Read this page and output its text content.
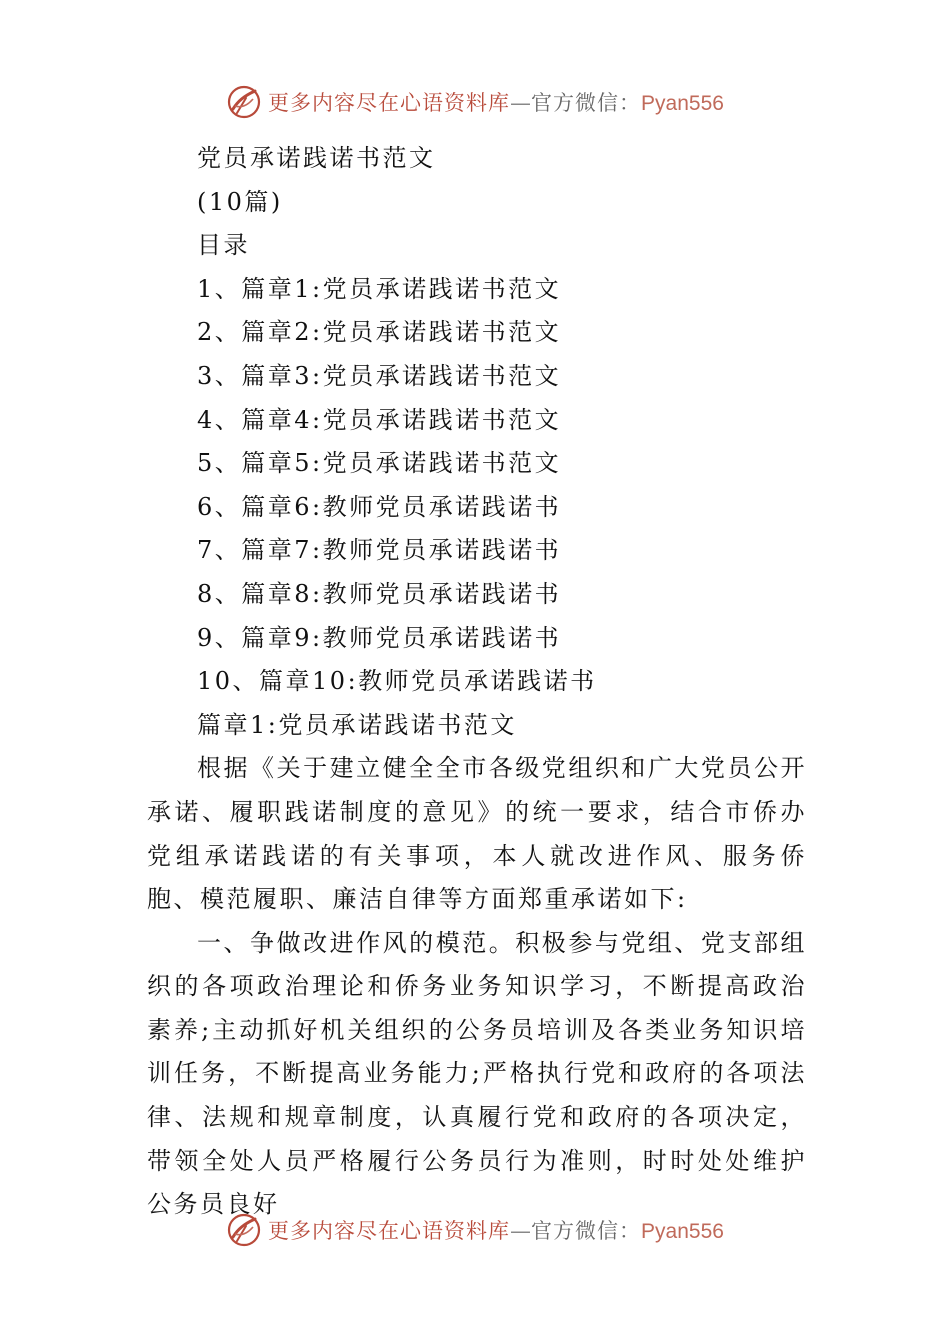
更多内容尽在心语资料库—官方微信：Pyan556
党员承诺践诺书范文
(10篇)
目录
1、篇章1:党员承诺践诺书范文
2、篇章2:党员承诺践诺书范文
3、篇章3:党员承诺践诺书范文
4、篇章4:党员承诺践诺书范文
5、篇章5:党员承诺践诺书范文
6、篇章6:教师党员承诺践诺书
7、篇章7:教师党员承诺践诺书
8、篇章8:教师党员承诺践诺书
9、篇章9:教师党员承诺践诺书
10、篇章10:教师党员承诺践诺书
篇章1:党员承诺践诺书范文

根据《关于建立健全全市各级党组织和广大党员公开承诺、履职践诺制度的意见》的统一要求，结合市侨办党组承诺践诺的有关事项，本人就改进作风、服务侨胞、模范履职、廉洁自律等方面郑重承诺如下:

一、争做改进作风的模范。积极参与党组、党支部组织的各项政治理论和侨务业务知识学习，不断提高政治素养;主动抓好机关组织的公务员培训及各类业务知识培训任务，不断提高业务能力;严格执行党和政府的各项法律、法规和规章制度，认真履行党和政府的各项决定，带领全处人员严格履行公务员行为准则，时时处处维护公务员良好

更多内容尽在心语资料库—官方微信：Pyan556
